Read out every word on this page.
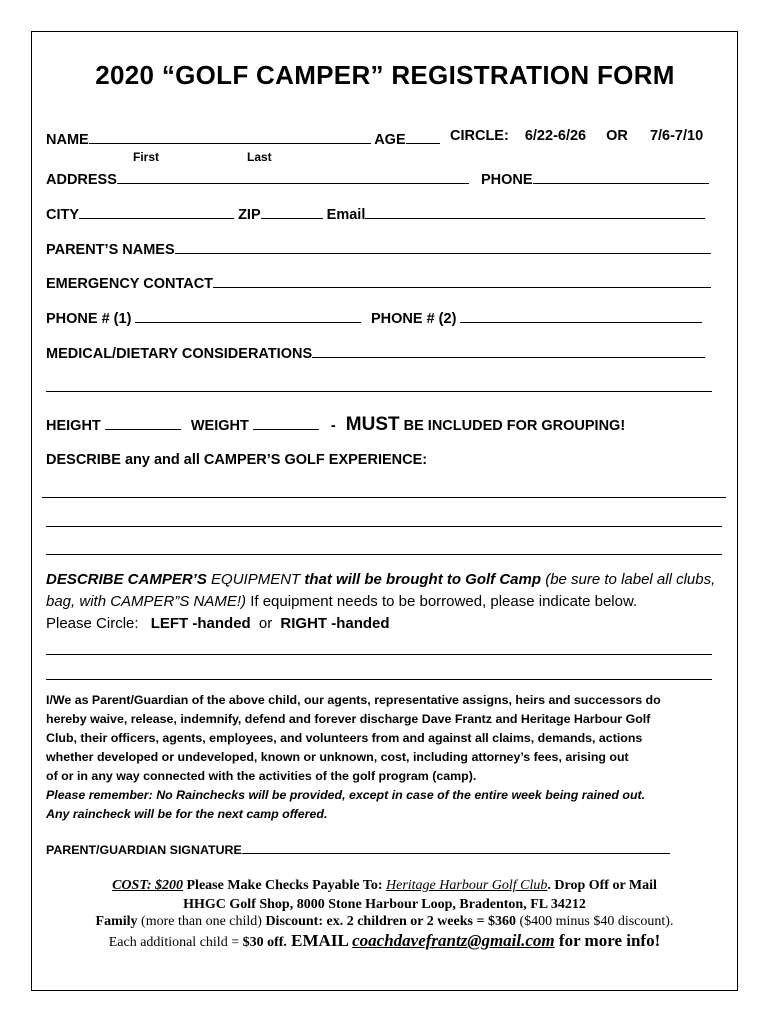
2020 “GOLF CAMPER” REGISTRATION FORM
NAME	AGE	CIRCLE: 6/22-6/26 OR 7/6-7/10
First	Last
ADDRESS	PHONE
CITY	ZIP	Email
PARENT’S NAMES
EMERGENCY CONTACT
PHONE # (1)	PHONE # (2)
MEDICAL/DIETARY CONSIDERATIONS
HEIGHT	WEIGHT	- MUST BE INCLUDED FOR GROUPING!
DESCRIBE any and all CAMPER’S GOLF EXPERIENCE:
DESCRIBE CAMPER’S EQUIPMENT that will be brought to Golf Camp (be sure to label all clubs, bag, with CAMPER”S NAME!) If equipment needs to be borrowed, please indicate below.
Please Circle: LEFT -handed or RIGHT -handed
I/We as Parent/Guardian of the above child, our agents, representative assigns, heirs and successors do
hereby waive, release, indemnify, defend and forever discharge Dave Frantz and Heritage Harbour Golf
Club, their officers, agents, employees, and volunteers from and against all claims, demands, actions
whether developed or undeveloped, known or unknown, cost, including attorney’s fees, arising out
of or in any way connected with the activities of the golf program (camp).
Please remember: No Rainchecks will be provided, except in case of the entire week being rained out.
Any raincheck will be for the next camp offered.
PARENT/GUARDIAN SIGNATURE
COST: $200 Please Make Checks Payable To: Heritage Harbour Golf Club. Drop Off or Mail
HHGC Golf Shop, 8000 Stone Harbour Loop, Bradenton, FL 34212
Family (more than one child) Discount: ex. 2 children or 2 weeks = $360 ($400 minus $40 discount).
Each additional child = $30 off. EMAIL coachdavefrantz@gmail.com for more info!
